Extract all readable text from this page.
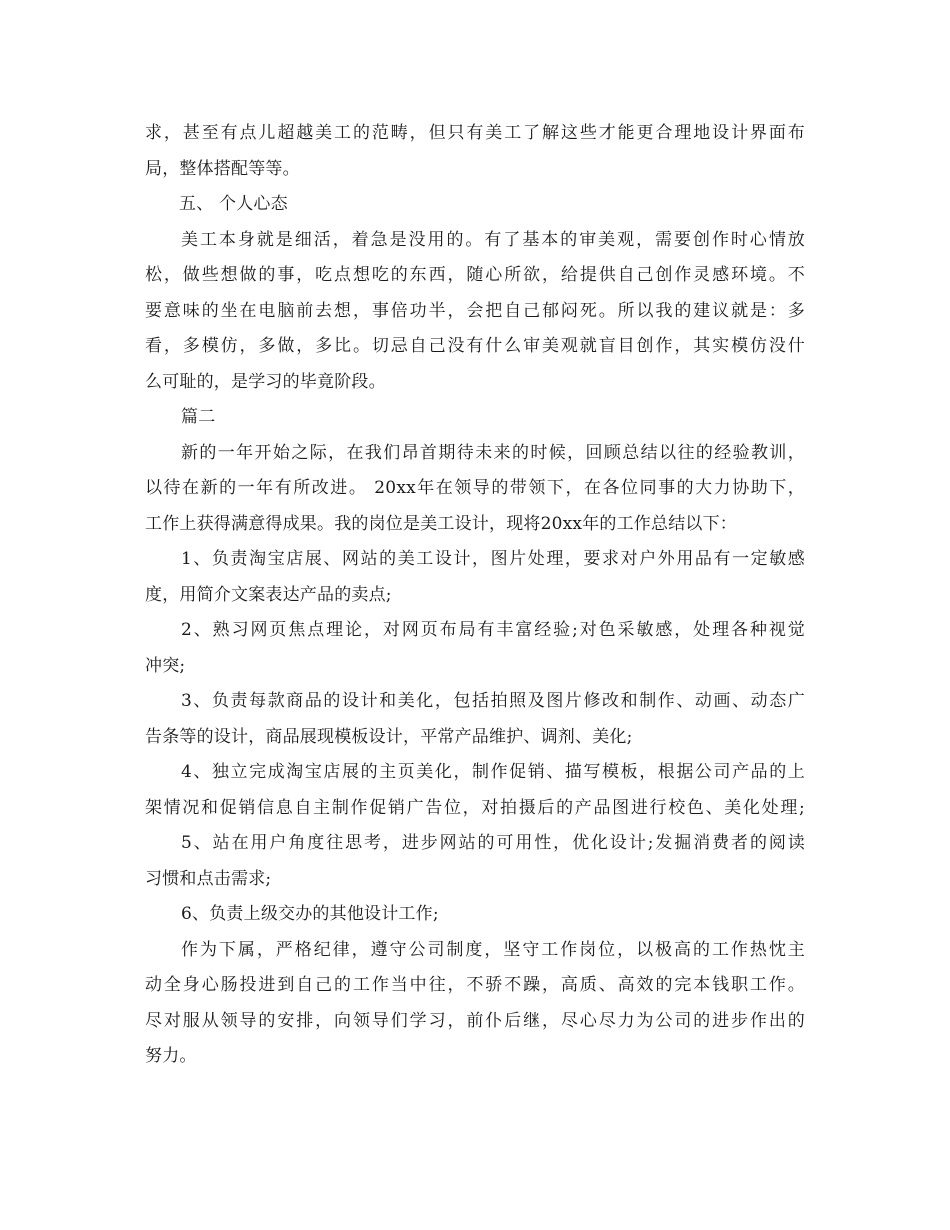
求，甚至有点儿超越美工的范畴，但只有美工了解这些才能更合理地设计界面布
局，整体搭配等等。
五、 个人心态
美工本身就是细活，着急是没用的。有了基本的审美观，需要创作时心情放
松，做些想做的事，吃点想吃的东西，随心所欲，给提供自己创作灵感环境。不
要意味的坐在电脑前去想，事倍功半，会把自己郁闷死。所以我的建议就是：多
看，多模仿，多做，多比。切忌自己没有什么审美观就盲目创作，其实模仿没什
么可耻的，是学习的毕竟阶段。
篇二
新的一年开始之际，在我们昂首期待未来的时候，回顾总结以往的经验教训，
以待在新的一年有所改进。 20xx年在领导的带领下，在各位同事的大力协助下，
工作上获得满意得成果。我的岗位是美工设计，现将20xx年的工作总结以下：
1、负责淘宝店展、网站的美工设计，图片处理，要求对户外用品有一定敏感
度，用简介文案表达产品的卖点;
2、熟习网页焦点理论，对网页布局有丰富经验;对色采敏感，处理各种视觉
冲突;
3、负责每款商品的设计和美化，包括拍照及图片修改和制作、动画、动态广
告条等的设计，商品展现模板设计，平常产品维护、调剂、美化;
4、独立完成淘宝店展的主页美化，制作促销、描写模板，根据公司产品的上
架情况和促销信息自主制作促销广告位，对拍摄后的产品图进行校色、美化处理;
5、站在用户角度往思考，进步网站的可用性，优化设计;发掘消费者的阅读
习惯和点击需求;
6、负责上级交办的其他设计工作;
作为下属，严格纪律，遵守公司制度，坚守工作岗位，以极高的工作热忱主
动全身心肠投进到自己的工作当中往，不骄不躁，高质、高效的完本钱职工作。
尽对服从领导的安排，向领导们学习，前仆后继，尽心尽力为公司的进步作出的
努力。
